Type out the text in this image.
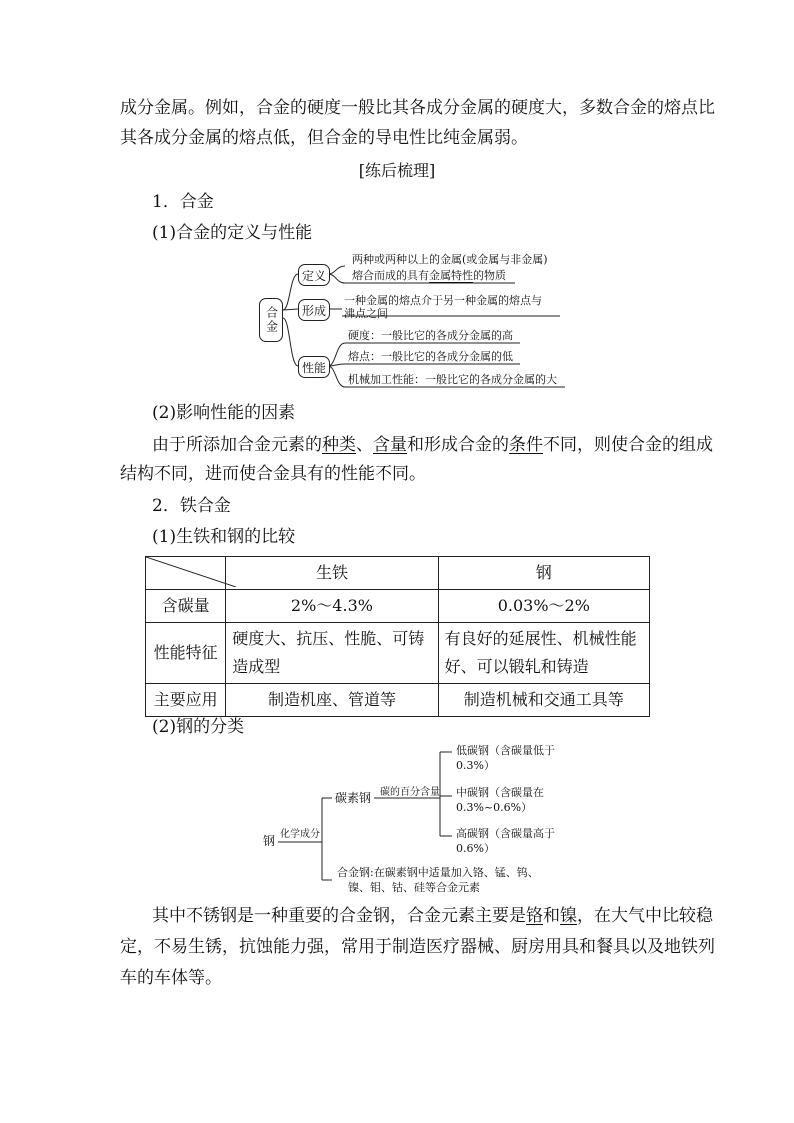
成分金属。例如，合金的硬度一般比其各成分金属的硬度大，多数合金的熔点比
其各成分金属的熔点低，但合金的导电性比纯金属弱。
[练后梳理]
1．合金
(1)合金的定义与性能
合金
定义
形成
性能
两种或两种以上的金属(或金属与非金属)
熔合而成的具有金属特性的物质
一种金属的熔点介于另一种金属的熔点与
沸点之间
硬度：一般比它的各成分金属的高
熔点：一般比它的各成分金属的低
机械加工性能：一般比它的各成分金属的大
(2)影响性能的因素
由于所添加合金元素的种类、含量和形成合金的条件不同，则使合金的组成
结构不同，进而使合金具有的性能不同。
2．铁合金
(1)生铁和钢的比较
	生铁	钢
含碳量	2%～4.3%	0.03%～2%
性能特征	硬度大、抗压、性脆、可铸造成型	有良好的延展性、机械性能好、可以锻轧和铸造
主要应用	制造机座、管道等	制造机械和交通工具等
(2)钢的分类
钢 化学成分
碳素钢 碳的百分含量
低碳钢（含碳量低于
0.3%）
中碳钢（含碳量在
0.3%~0.6%）
高碳钢（含碳量高于
0.6%）
合金钢:在碳素钢中适量加入铬、锰、钨、
镍、钼、钴、硅等合金元素
其中不锈钢是一种重要的合金钢，合金元素主要是铬和镍，在大气中比较稳
定，不易生锈，抗蚀能力强，常用于制造医疗器械、厨房用具和餐具以及地铁列
车的车体等。
